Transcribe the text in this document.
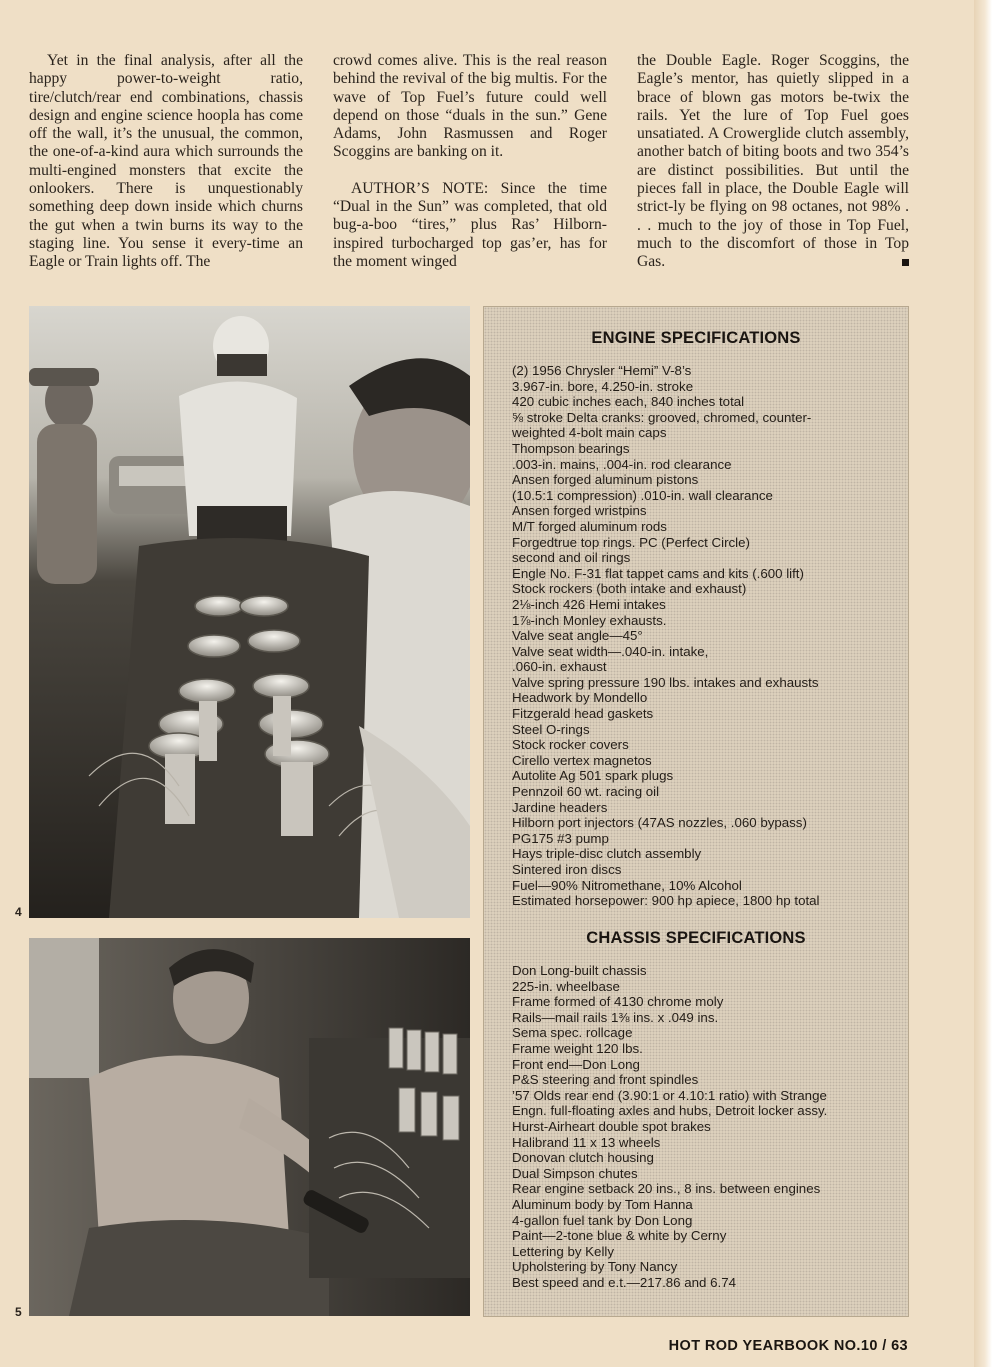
Yet in the final analysis, after all the happy power-to-weight ratio, tire/clutch/rear end combinations, chassis design and engine science hoopla has come off the wall, it’s the unusual, the common, the one-of-a-kind aura which surrounds the multi-engined monsters that excite the onlookers. There is unquestionably something deep down inside which churns the gut when a twin burns its way to the staging line. You sense it every-time an Eagle or Train lights off. The

crowd comes alive. This is the real reason behind the revival of the big multis. For the wave of Top Fuel’s future could well depend on those “duals in the sun.” Gene Adams, John Rasmussen and Roger Scoggins are banking on it.

AUTHOR’S NOTE: Since the time “Dual in the Sun” was completed, that old bug-a-boo “tires,” plus Ras’ Hilborn-inspired turbocharged top gas’er, has for the moment winged

the Double Eagle. Roger Scoggins, the Eagle’s mentor, has quietly slipped in a brace of blown gas motors be-twix the rails. Yet the lure of Top Fuel goes unsatiated. A Crowerglide clutch assembly, another batch of biting boots and two 354’s are distinct possibilities. But until the pieces fall in place, the Double Eagle will strict-ly be flying on 98 octanes, not 98% . . . much to the joy of those in Top Fuel, much to the discomfort of those in Top Gas.

4
5
ENGINE SPECIFICATIONS
(2) 1956 Chrysler “Hemi” V-8’s
3.967-in. bore, 4.250-in. stroke
420 cubic inches each, 840 inches total
⅝ stroke Delta cranks: grooved, chromed, counter-
weighted 4-bolt main caps
Thompson bearings
.003-in. mains, .004-in. rod clearance
Ansen forged aluminum pistons
(10.5:1 compression) .010-in. wall clearance
Ansen forged wristpins
M/T forged aluminum rods
Forgedtrue top rings. PC (Perfect Circle)
second and oil rings
Engle No. F-31 flat tappet cams and kits (.600 lift)
Stock rockers (both intake and exhaust)
2⅛-inch 426 Hemi intakes
1⅞-inch Monley exhausts.
Valve seat angle—45°
Valve seat width—.040-in. intake,
.060-in. exhaust
Valve spring pressure 190 lbs. intakes and exhausts
Headwork by Mondello
Fitzgerald head gaskets
Steel O-rings
Stock rocker covers
Cirello vertex magnetos
Autolite Ag 501 spark plugs
Pennzoil 60 wt. racing oil
Jardine headers
Hilborn port injectors (47AS nozzles, .060 bypass)
PG175 #3 pump
Hays triple-disc clutch assembly
Sintered iron discs
Fuel—90% Nitromethane, 10% Alcohol
Estimated horsepower: 900 hp apiece, 1800 hp total
CHASSIS SPECIFICATIONS
Don Long-built chassis
225-in. wheelbase
Frame formed of 4130 chrome moly
Rails—mail rails 1⅜ ins. x .049 ins.
Sema spec. rollcage
Frame weight 120 lbs.
Front end—Don Long
P&S steering and front spindles
’57 Olds rear end (3.90:1 or 4.10:1 ratio) with Strange
Engn. full-floating axles and hubs, Detroit locker assy.
Hurst-Airheart double spot brakes
Halibrand 11 x 13 wheels
Donovan clutch housing
Dual Simpson chutes
Rear engine setback 20 ins., 8 ins. between engines
Aluminum body by Tom Hanna
4-gallon fuel tank by Don Long
Paint—2-tone blue & white by Cerny
Lettering by Kelly
Upholstering by Tony Nancy
Best speed and e.t.—217.86 and 6.74
HOT ROD YEARBOOK NO.10 / 63
